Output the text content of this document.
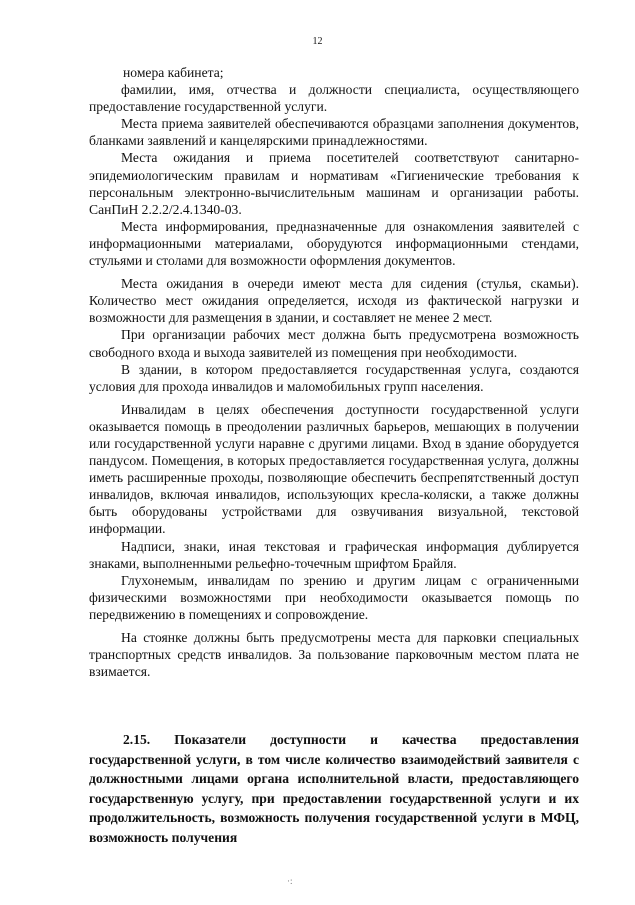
12

номера кабинета;

фамилии, имя, отчества и должности специалиста, осуществляющего предоставление государственной услуги.

Места приема заявителей обеспечиваются образцами заполнения документов, бланками заявлений и канцелярскими принадлежностями.

Места ожидания и приема посетителей соответствуют санитарно-эпидемиологическим правилам и нормативам «Гигиенические требования к персональным электронно-вычислительным машинам и организации работы. СанПиН 2.2.2/2.4.1340-03.

Места информирования, предназначенные для ознакомления заявителей с информационными материалами, оборудуются информационными стендами, стульями и столами для возможности оформления документов.

Места ожидания в очереди имеют места для сидения (стулья, скамьи). Количество мест ожидания определяется, исходя из фактической нагрузки и возможности для размещения в здании, и составляет не менее 2 мест.

При организации рабочих мест должна быть предусмотрена возможность свободного входа и выхода заявителей из помещения при необходимости.

В здании, в котором предоставляется государственная услуга, создаются условия для прохода инвалидов и маломобильных групп населения.

Инвалидам в целях обеспечения доступности государственной услуги оказывается помощь в преодолении различных барьеров, мешающих в получении или государственной услуги наравне с другими лицами. Вход в здание оборудуется пандусом. Помещения, в которых предоставляется государственная услуга, должны иметь расширенные проходы, позволяющие обеспечить беспрепятственный доступ инвалидов, включая инвалидов, использующих кресла-коляски, а также должны быть оборудованы устройствами для озвучивания визуальной, текстовой информации.

Надписи, знаки, иная текстовая и графическая информация дублируется знаками, выполненными рельефно-точечным шрифтом Брайля.

Глухонемым, инвалидам по зрению и другим лицам с ограниченными физическими возможностями при необходимости оказывается помощь по передвижению в помещениях и сопровождение.

На стоянке должны быть предусмотрены места для парковки специальных транспортных средств инвалидов. За пользование парковочным местом плата не взимается.

2.15. Показатели доступности и качества предоставления государственной услуги, в том числе количество взаимодействий заявителя с должностными лицами органа исполнительной власти, предоставляющего государственную услугу, при предоставлении государственной услуги и их продолжительность, возможность получения государственной услуги в МФЦ, возможность получения

·:
